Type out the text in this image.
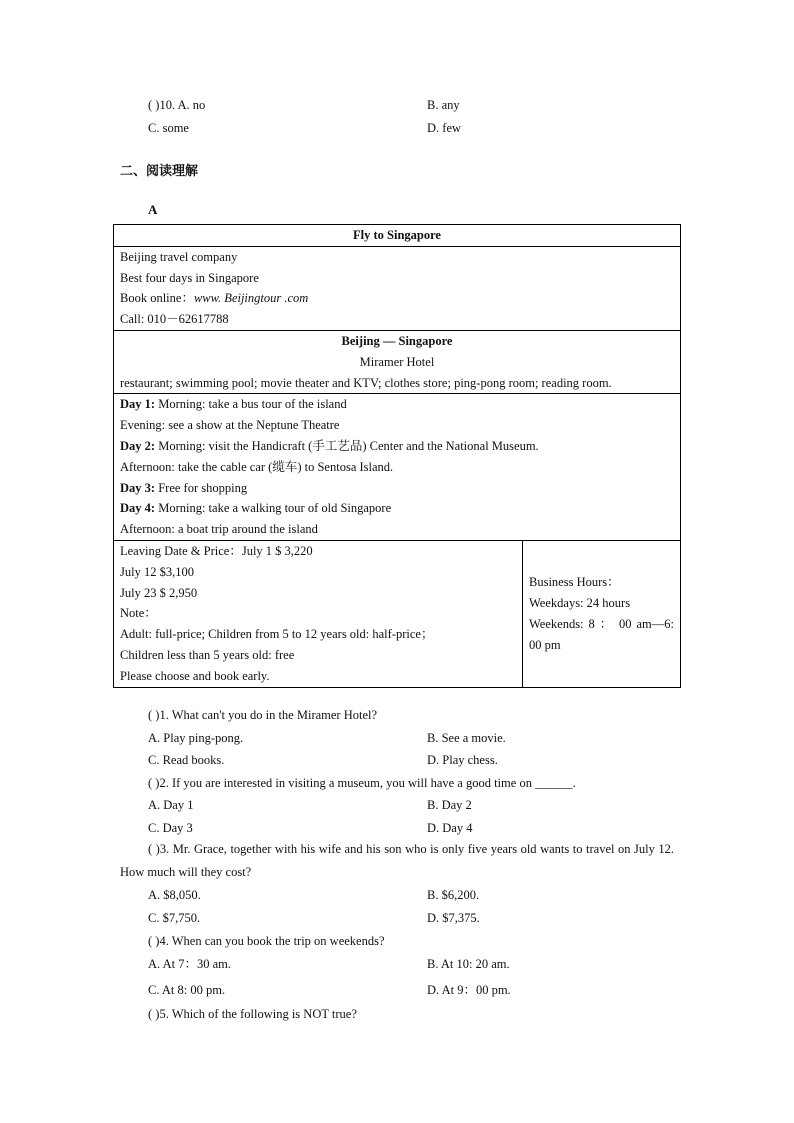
( )10. A. no	B. any
C. some	D. few
二、阅读理解
A
Fly to Singapore

Beijing travel company
Best four days in Singapore
Book online：www. Beijingtour .com
Call: 010－62617788

Beijing — Singapore
Miramer Hotel
restaurant; swimming pool; movie theater and KTV; clothes store; ping-pong room; reading room.

Day 1: Morning: take a bus tour of the island
Evening: see a show at the Neptune Theatre
Day 2: Morning: visit the Handicraft (手工艺品) Center and the National Museum.
Afternoon: take the cable car (缆车) to Sentosa Island.
Day 3: Free for shopping
Day 4: Morning: take a walking tour of old Singapore
Afternoon: a boat trip around the island

Leaving Date & Price：July 1 $ 3,220
July 12 $3,100
July 23 $ 2,950
Note：
Adult: full-price; Children from 5 to 12 years old: half-price；
Children less than 5 years old: free
Please choose and book early.

Business Hours：
Weekdays: 24 hours
Weekends: 8 ： 00 am—6: 00 pm
( )1. What can't you do in the Miramer Hotel?
A. Play ping-pong.	B. See a movie.
C. Read books.	D. Play chess.
( )2. If you are interested in visiting a museum, you will have a good time on ______.
A. Day 1	B. Day 2
C. Day 3	D. Day 4
( )3. Mr. Grace, together with his wife and his son who is only five years old wants to travel on July 12. How much will they cost?
A. $8,050.	B. $6,200.
C. $7,750.	D. $7,375.
( )4. When can you book the trip on weekends?
A. At 7：30 am.	B. At 10: 20 am.
C. At 8: 00 pm.	D. At 9：00 pm.
( )5. Which of the following is NOT true?
